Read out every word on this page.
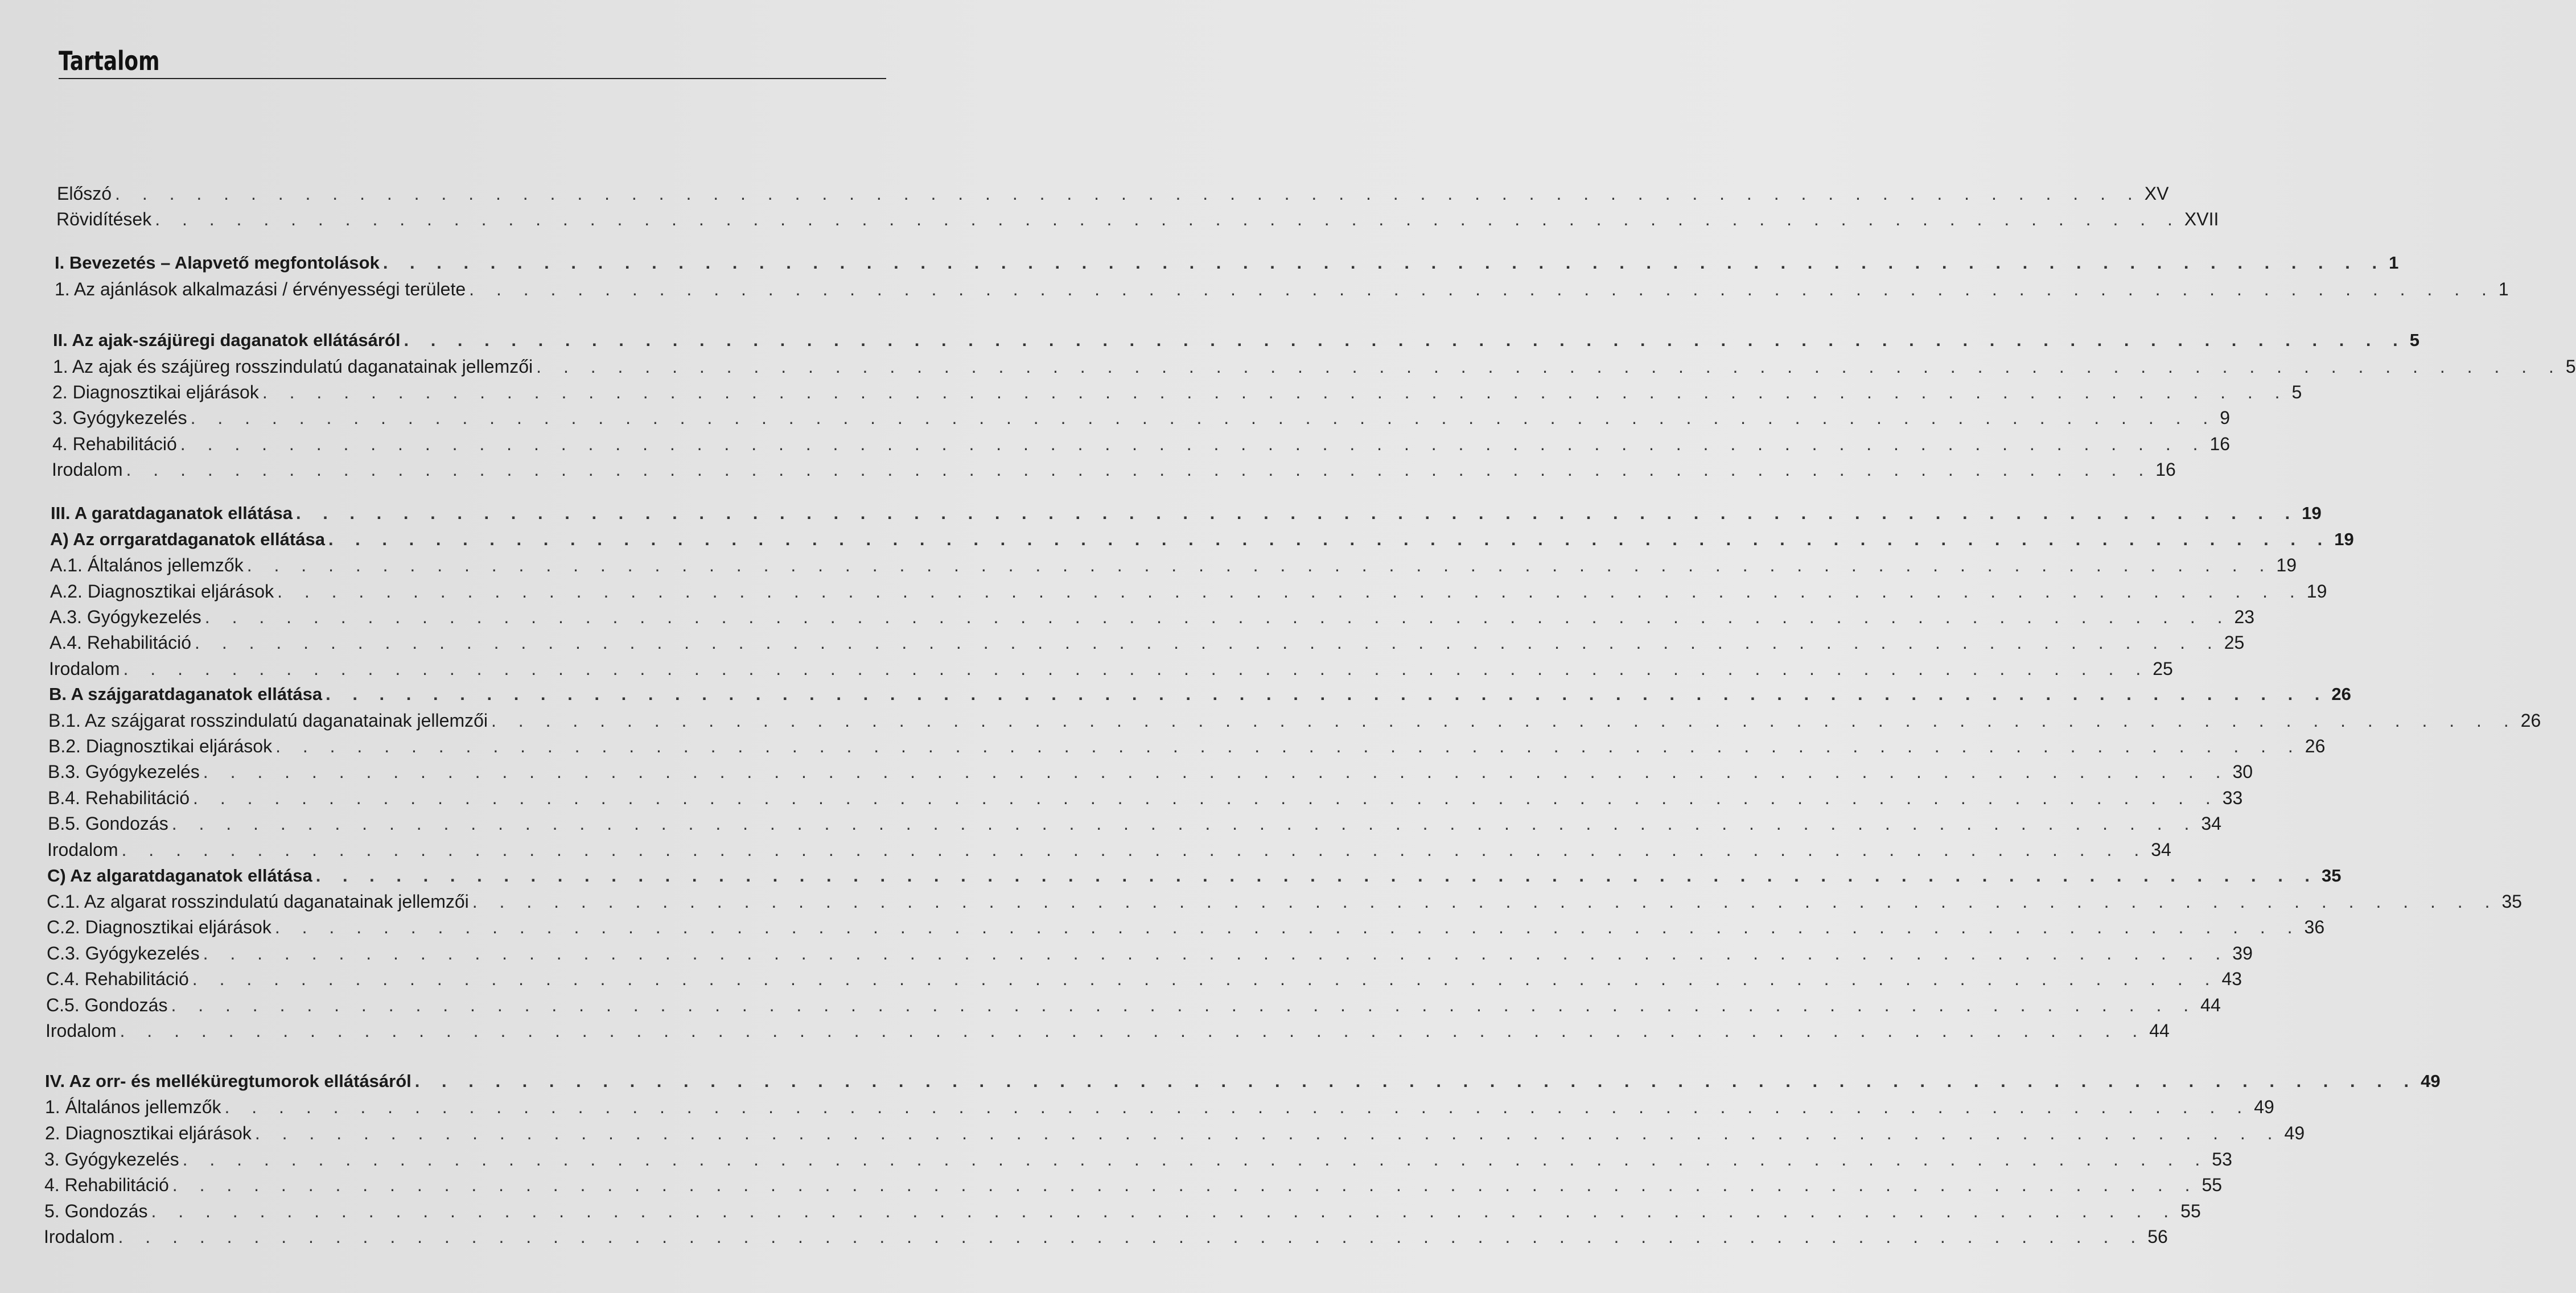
Tartalom
Előszó . . . . . . . . . . . . . . . . . . . . . . . . . . . . . . . . . . . . . . . . . . . . . . . . . . . . . . . . . . . . . . . . . . . . . . . . . . . XV
Rövidítések . . . . . . . . . . . . . . . . . . . . . . . . . . . . . . . . . . . . . . . . . . . . . . . . . . . . . . . . . . . . . . . . . . . . . . . . . . . XVII
I. Bevezetés – Alapvető megfontolások . . . . . . . . . . . . . . . . . . . . . . . . . . . . . . . . . . . . . . . . . . . . . . . . . . . . . . . . . . . . . . . . . . . . . . . . . . . 1
1. Az ajánlások alkalmazási / érvényességi területe . . . . . . . . . . . . . . . . . . . . . . . . . . . . . . . . . . . . . . . . . . . . . . . . . . . . . . . . . . . . . . . . . . . . . . . . . . . 1
II. Az ajak-szájüregi daganatok ellátásáról . . . . . . . . . . . . . . . . . . . . . . . . . . . . . . . . . . . . . . . . . . . . . . . . . . . . . . . . . . . . . . . . . . . . . . . . . . . 5
1. Az ajak és szájüreg rosszindulatú daganatainak jellemzői . . . . . . . . . . . . . . . . . . . . . . . . . . . . . . . . . . . . . . . . . . . . . . . . . . . . . . . . . . . . . . . . . . . . . . . . . . . 5
2. Diagnosztikai eljárások . . . . . . . . . . . . . . . . . . . . . . . . . . . . . . . . . . . . . . . . . . . . . . . . . . . . . . . . . . . . . . . . . . . . . . . . . . . 5
3. Gyógykezelés . . . . . . . . . . . . . . . . . . . . . . . . . . . . . . . . . . . . . . . . . . . . . . . . . . . . . . . . . . . . . . . . . . . . . . . . . . . 9
4. Rehabilitáció . . . . . . . . . . . . . . . . . . . . . . . . . . . . . . . . . . . . . . . . . . . . . . . . . . . . . . . . . . . . . . . . . . . . . . . . . . . 16
Irodalom . . . . . . . . . . . . . . . . . . . . . . . . . . . . . . . . . . . . . . . . . . . . . . . . . . . . . . . . . . . . . . . . . . . . . . . . . . . 16
III. A garatdaganatok ellátása . . . . . . . . . . . . . . . . . . . . . . . . . . . . . . . . . . . . . . . . . . . . . . . . . . . . . . . . . . . . . . . . . . . . . . . . . . . 19
A) Az orrgaratdaganatok ellátása . . . . . . . . . . . . . . . . . . . . . . . . . . . . . . . . . . . . . . . . . . . . . . . . . . . . . . . . . . . . . . . . . . . . . . . . . . . 19
A.1. Általános jellemzők . . . . . . . . . . . . . . . . . . . . . . . . . . . . . . . . . . . . . . . . . . . . . . . . . . . . . . . . . . . . . . . . . . . . . . . . . . . 19
A.2. Diagnosztikai eljárások . . . . . . . . . . . . . . . . . . . . . . . . . . . . . . . . . . . . . . . . . . . . . . . . . . . . . . . . . . . . . . . . . . . . . . . . . . . 19
A.3. Gyógykezelés . . . . . . . . . . . . . . . . . . . . . . . . . . . . . . . . . . . . . . . . . . . . . . . . . . . . . . . . . . . . . . . . . . . . . . . . . . . 23
A.4. Rehabilitáció . . . . . . . . . . . . . . . . . . . . . . . . . . . . . . . . . . . . . . . . . . . . . . . . . . . . . . . . . . . . . . . . . . . . . . . . . . . 25
Irodalom . . . . . . . . . . . . . . . . . . . . . . . . . . . . . . . . . . . . . . . . . . . . . . . . . . . . . . . . . . . . . . . . . . . . . . . . . . . 25
B. A szájgaratdaganatok ellátása . . . . . . . . . . . . . . . . . . . . . . . . . . . . . . . . . . . . . . . . . . . . . . . . . . . . . . . . . . . . . . . . . . . . . . . . . . . 26
B.1. Az szájgarat rosszindulatú daganatainak jellemzői . . . . . . . . . . . . . . . . . . . . . . . . . . . . . . . . . . . . . . . . . . . . . . . . . . . . . . . . . . . . . . . . . . . . . . . . . . . 26
B.2. Diagnosztikai eljárások . . . . . . . . . . . . . . . . . . . . . . . . . . . . . . . . . . . . . . . . . . . . . . . . . . . . . . . . . . . . . . . . . . . . . . . . . . . 26
B.3. Gyógykezelés . . . . . . . . . . . . . . . . . . . . . . . . . . . . . . . . . . . . . . . . . . . . . . . . . . . . . . . . . . . . . . . . . . . . . . . . . . . 30
B.4. Rehabilitáció . . . . . . . . . . . . . . . . . . . . . . . . . . . . . . . . . . . . . . . . . . . . . . . . . . . . . . . . . . . . . . . . . . . . . . . . . . . 33
B.5. Gondozás . . . . . . . . . . . . . . . . . . . . . . . . . . . . . . . . . . . . . . . . . . . . . . . . . . . . . . . . . . . . . . . . . . . . . . . . . . . 34
Irodalom . . . . . . . . . . . . . . . . . . . . . . . . . . . . . . . . . . . . . . . . . . . . . . . . . . . . . . . . . . . . . . . . . . . . . . . . . . . 34
C) Az algaratdaganatok ellátása . . . . . . . . . . . . . . . . . . . . . . . . . . . . . . . . . . . . . . . . . . . . . . . . . . . . . . . . . . . . . . . . . . . . . . . . . . . 35
C.1. Az algarat rosszindulatú daganatainak jellemzői . . . . . . . . . . . . . . . . . . . . . . . . . . . . . . . . . . . . . . . . . . . . . . . . . . . . . . . . . . . . . . . . . . . . . . . . . . . 35
C.2. Diagnosztikai eljárások . . . . . . . . . . . . . . . . . . . . . . . . . . . . . . . . . . . . . . . . . . . . . . . . . . . . . . . . . . . . . . . . . . . . . . . . . . . 36
C.3. Gyógykezelés . . . . . . . . . . . . . . . . . . . . . . . . . . . . . . . . . . . . . . . . . . . . . . . . . . . . . . . . . . . . . . . . . . . . . . . . . . . 39
C.4. Rehabilitáció . . . . . . . . . . . . . . . . . . . . . . . . . . . . . . . . . . . . . . . . . . . . . . . . . . . . . . . . . . . . . . . . . . . . . . . . . . . 43
C.5. Gondozás . . . . . . . . . . . . . . . . . . . . . . . . . . . . . . . . . . . . . . . . . . . . . . . . . . . . . . . . . . . . . . . . . . . . . . . . . . . 44
Irodalom . . . . . . . . . . . . . . . . . . . . . . . . . . . . . . . . . . . . . . . . . . . . . . . . . . . . . . . . . . . . . . . . . . . . . . . . . . . 44
IV. Az orr- és melléküregtumorok ellátásáról . . . . . . . . . . . . . . . . . . . . . . . . . . . . . . . . . . . . . . . . . . . . . . . . . . . . . . . . . . . . . . . . . . . . . . . . . . . 49
1. Általános jellemzők . . . . . . . . . . . . . . . . . . . . . . . . . . . . . . . . . . . . . . . . . . . . . . . . . . . . . . . . . . . . . . . . . . . . . . . . . . . 49
2. Diagnosztikai eljárások . . . . . . . . . . . . . . . . . . . . . . . . . . . . . . . . . . . . . . . . . . . . . . . . . . . . . . . . . . . . . . . . . . . . . . . . . . . 49
3. Gyógykezelés . . . . . . . . . . . . . . . . . . . . . . . . . . . . . . . . . . . . . . . . . . . . . . . . . . . . . . . . . . . . . . . . . . . . . . . . . . . 53
4. Rehabilitáció . . . . . . . . . . . . . . . . . . . . . . . . . . . . . . . . . . . . . . . . . . . . . . . . . . . . . . . . . . . . . . . . . . . . . . . . . . . 55
5. Gondozás . . . . . . . . . . . . . . . . . . . . . . . . . . . . . . . . . . . . . . . . . . . . . . . . . . . . . . . . . . . . . . . . . . . . . . . . . . . 55
Irodalom . . . . . . . . . . . . . . . . . . . . . . . . . . . . . . . . . . . . . . . . . . . . . . . . . . . . . . . . . . . . . . . . . . . . . . . . . . . 56
